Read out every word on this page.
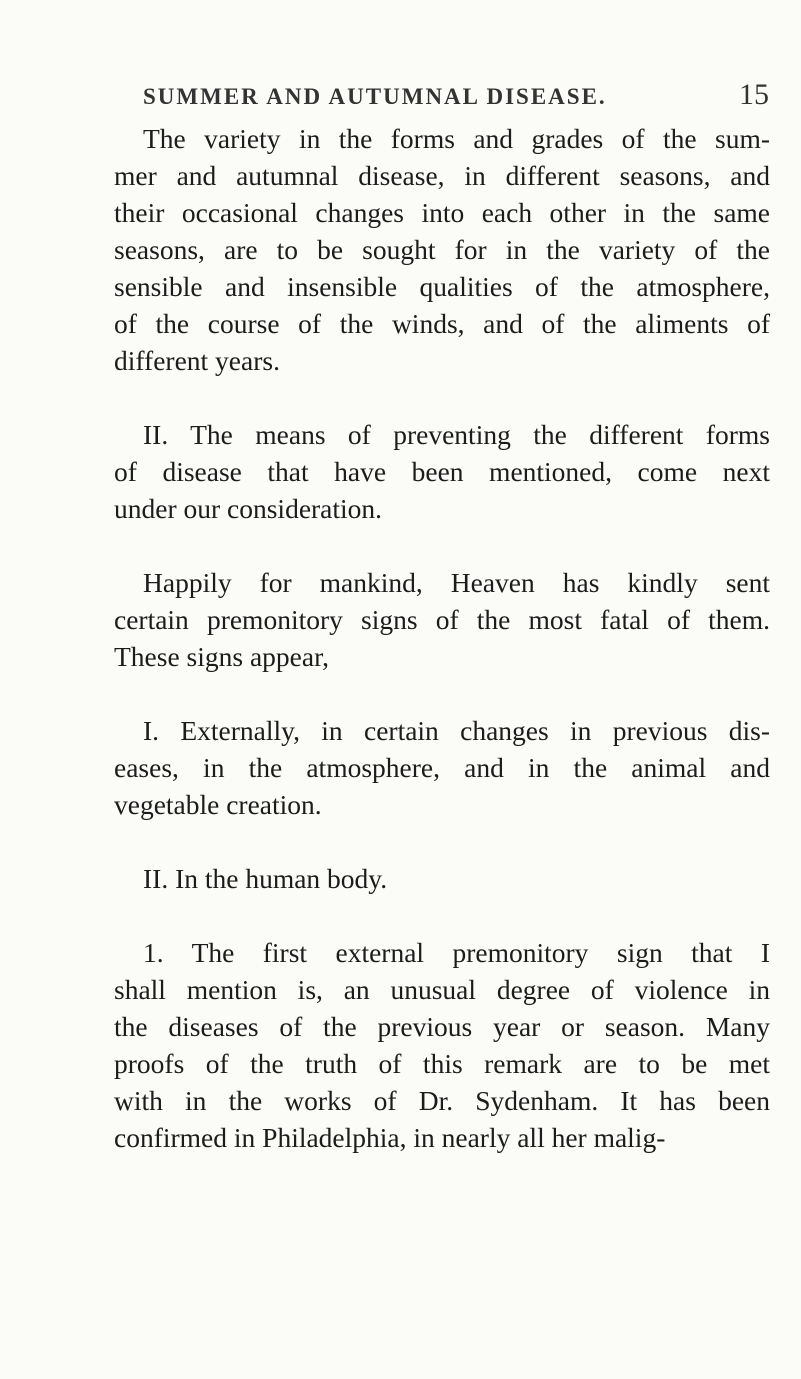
SUMMER AND AUTUMNAL DISEASE.	15
The variety in the forms and grades of the sum-
mer and autumnal disease, in different seasons, and
their occasional changes into each other in the same
seasons, are to be sought for in the variety of the
sensible and insensible qualities of the atmosphere,
of the course of the winds, and of the aliments of
different years.
II. The means of preventing the different forms
of disease that have been mentioned, come next
under our consideration.
Happily for mankind, Heaven has kindly sent
certain premonitory signs of the most fatal of them.
These signs appear,
I. Externally, in certain changes in previous dis-
eases, in the atmosphere, and in the animal and
vegetable creation.
II. In the human body.
1. The first external premonitory sign that I
shall mention is, an unusual degree of violence in
the diseases of the previous year or season. Many
proofs of the truth of this remark are to be met
with in the works of Dr. Sydenham. It has been
confirmed in Philadelphia, in nearly all her malig-
